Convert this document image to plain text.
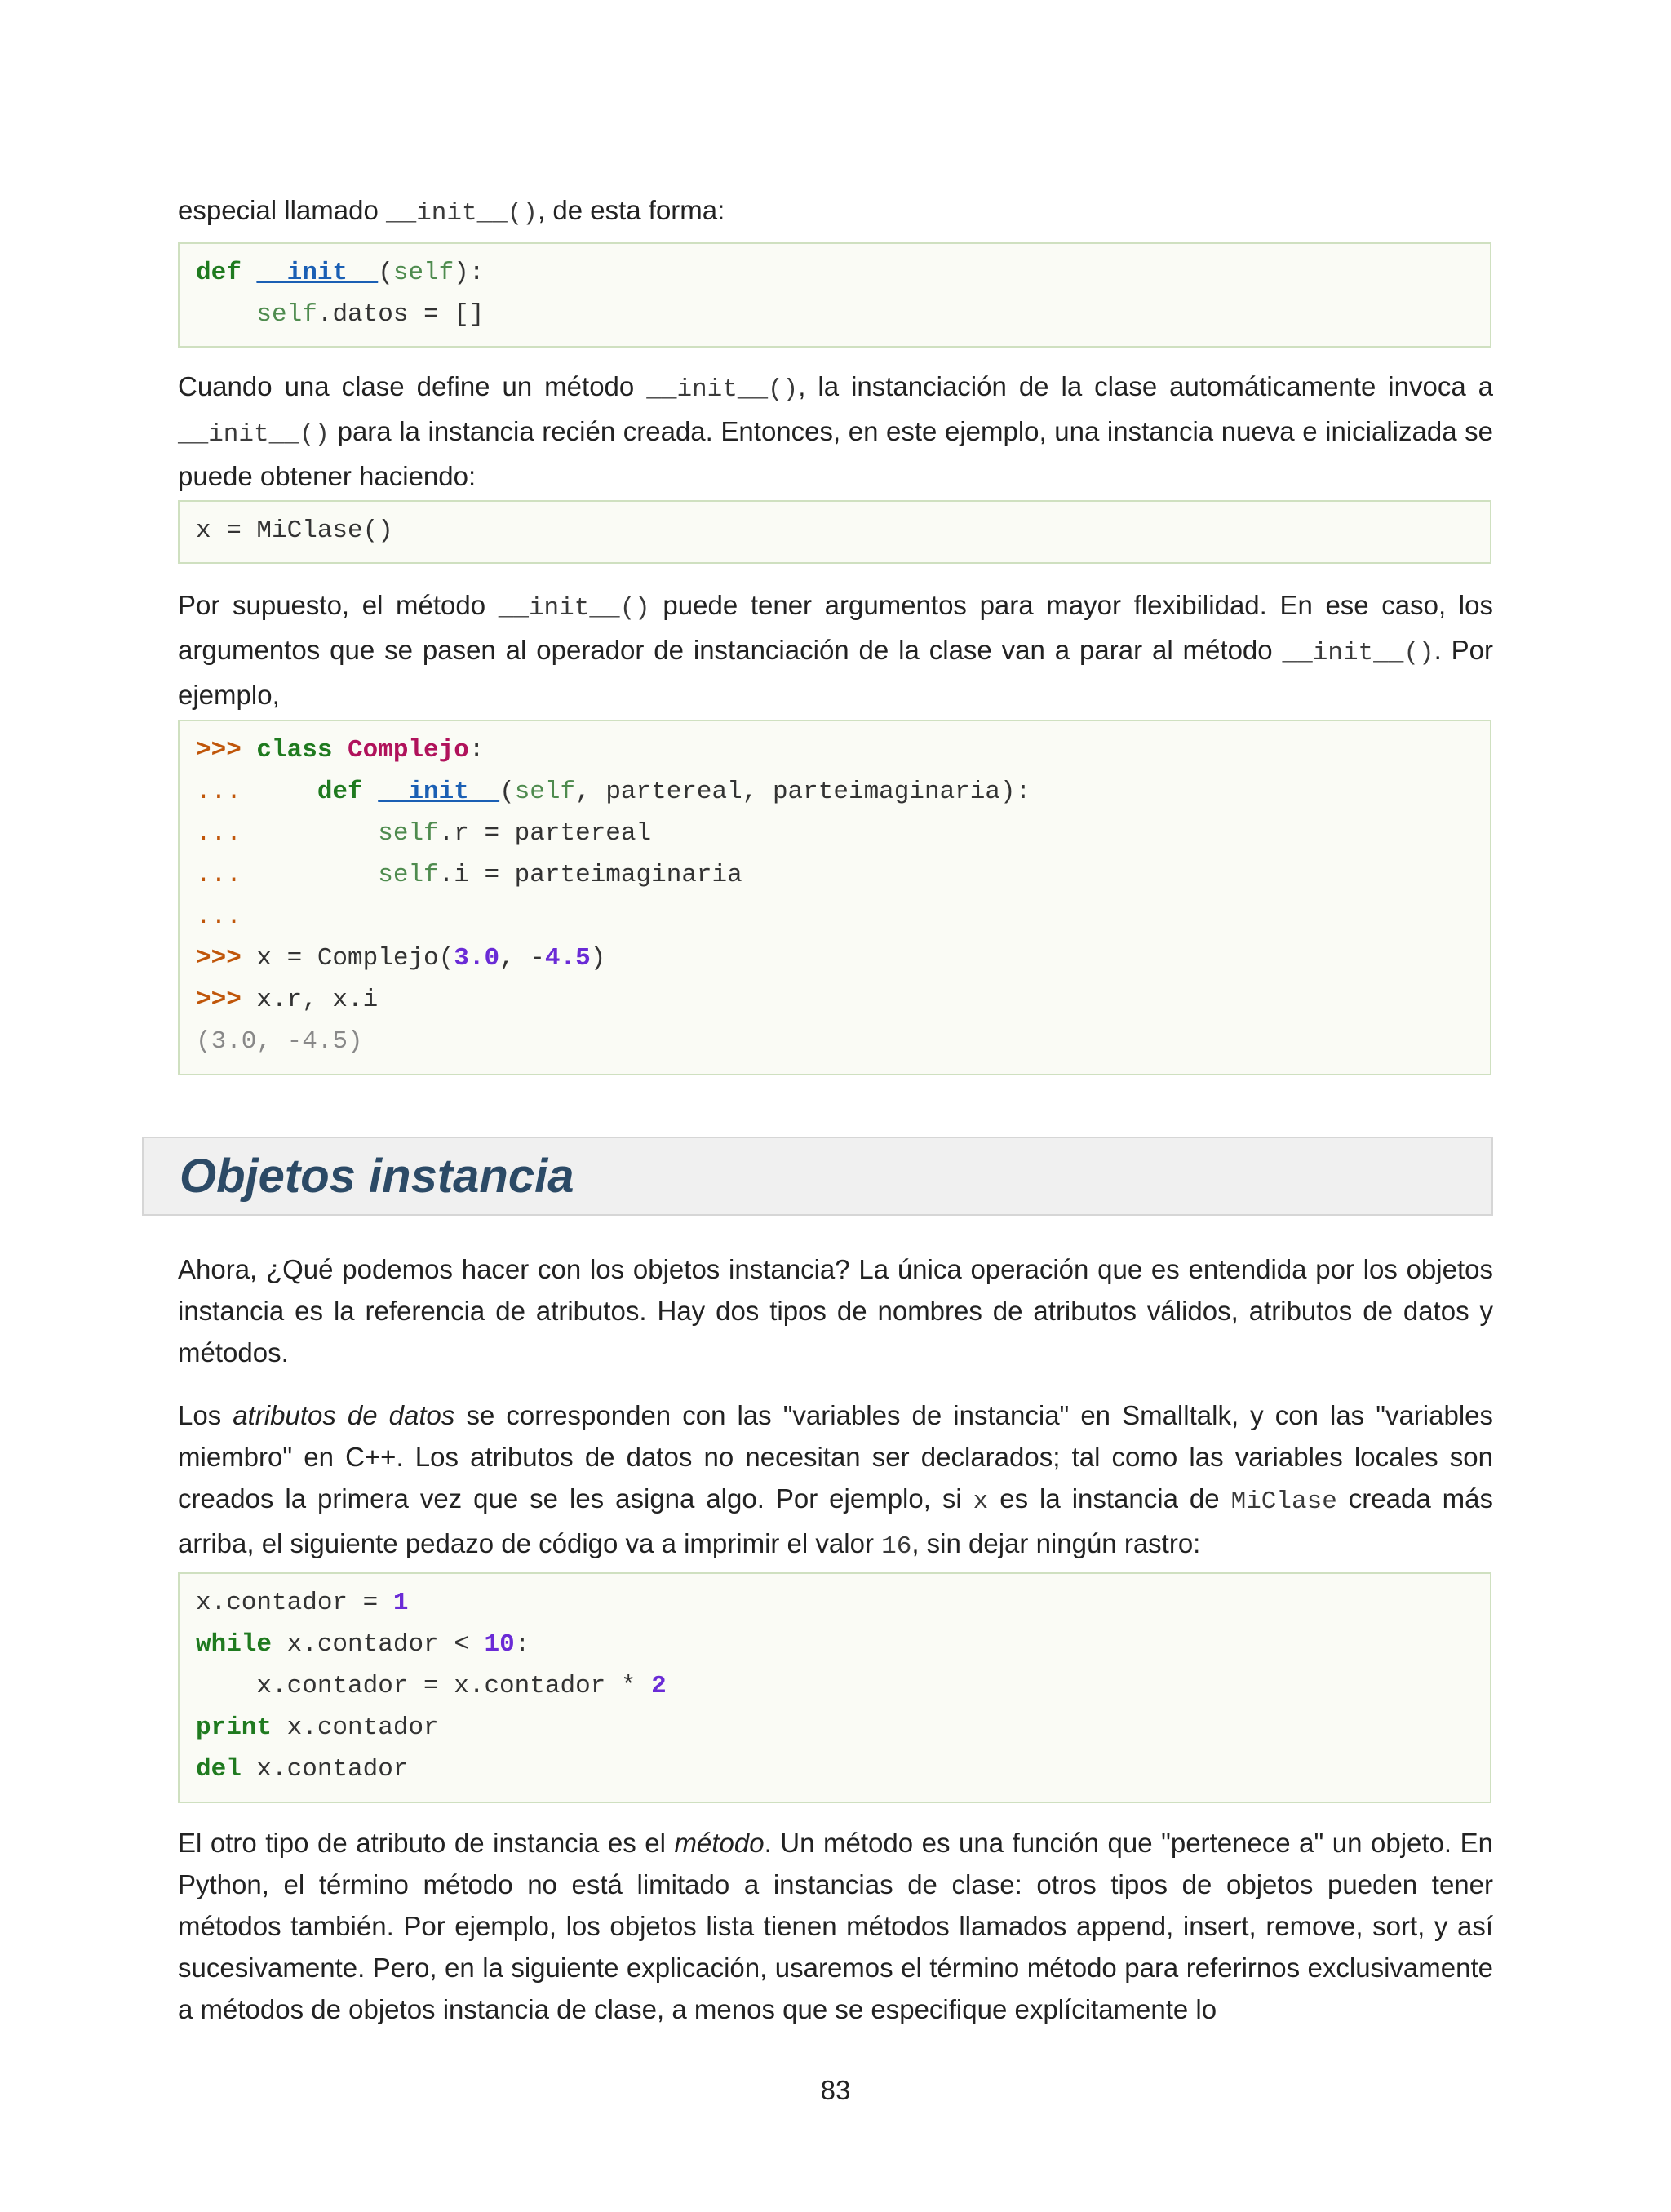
especial llamado __init__(), de esta forma:

def __init__(self):
self.datos = []

Cuando una clase define un método __init__(), la instanciación de la clase automáticamente invoca a __init__() para la instancia recién creada. Entonces, en este ejemplo, una instancia nueva e inicializada se puede obtener haciendo:

x = MiClase()

Por supuesto, el método __init__() puede tener argumentos para mayor flexibilidad. En ese caso, los argumentos que se pasen al operador de instanciación de la clase van a parar al método __init__(). Por ejemplo,

>>> class Complejo:
...	def __init__(self, partereal, parteimaginaria):
...	self.r = partereal
...	self.i = parteimaginaria
...
>>> x = Complejo(3.0, -4.5)
>>> x.r, x.i
(3.0, -4.5)
Objetos instancia

Ahora, ¿Qué podemos hacer con los objetos instancia? La única operación que es entendida por los objetos instancia es la referencia de atributos. Hay dos tipos de nombres de atributos válidos, atributos de datos y métodos.

Los atributos de datos se corresponden con las "variables de instancia" en Smalltalk, y con las "variables miembro" en C++. Los atributos de datos no necesitan ser declarados; tal como las variables locales son creados la primera vez que se les asigna algo. Por ejemplo, si x es la instancia de MiClase creada más arriba, el siguiente pedazo de código va a imprimir el valor 16, sin dejar ningún rastro:

x.contador = 1
while x.contador < 10:
x.contador = x.contador * 2
print x.contador
del x.contador

El otro tipo de atributo de instancia es el método. Un método es una función que "pertenece a" un objeto. En Python, el término método no está limitado a instancias de clase: otros tipos de objetos pueden tener métodos también. Por ejemplo, los objetos lista tienen métodos llamados append, insert, remove, sort, y así sucesivamente. Pero, en la siguiente explicación, usaremos el término método para referirnos exclusivamente a métodos de objetos instancia de clase, a menos que se especifique explícitamente lo

83
